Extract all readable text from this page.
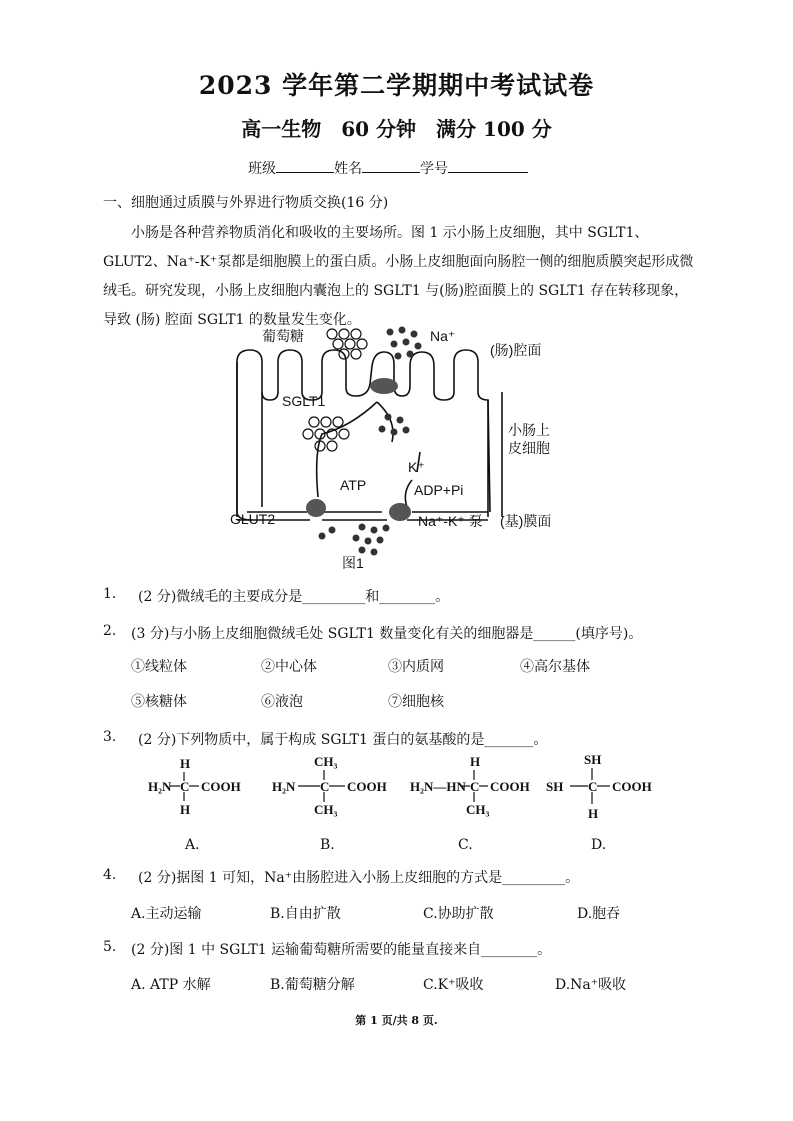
2023 学年第二学期期中考试试卷
高一生物　60 分钟　满分 100 分
班级	姓名	学号
一、细胞通过质膜与外界进行物质交换(16 分)
小肠是各种营养物质消化和吸收的主要场所。图 1 示小肠上皮细胞，其中 SGLT1、GLUT2、Na⁺-K⁺泵都是细胞膜上的蛋白质。小肠上皮细胞面向肠腔一侧的细胞质膜突起形成微绒毛。研究发现，小肠上皮细胞内囊泡上的 SGLT1 与(肠)腔面膜上的 SGLT1 存在转移现象，导致 (肠) 腔面 SGLT1 的数量发生变化。
葡萄糖	Na⁺
(肠)腔面
SGLT1
小肠上
皮细胞
K⁺
ATP	ADP+Pi
GLUT2	Na⁺-K⁺ 泵 (基)膜面
图1
1. (2 分)微绒毛的主要成分是_________和________。
2. (3 分)与小肠上皮细胞微绒毛处 SGLT1 数量变化有关的细胞器是______(填序号)。
①线粒体	②中心体	③内质网	④高尔基体
⑤核糖体	⑥液泡	⑦细胞核
3. (2 分)下列物质中，属于构成 SGLT1 蛋白的氨基酸的是_______。
H
H₂N C COOH
H
CH₃
H₂N C COOH
CH₃
H
H₂N—HN C COOH
CH₃
SH
SH C COOH
H
A.	B.	C.	D.
4. (2 分)据图 1 可知，Na⁺由肠腔进入小肠上皮细胞的方式是_________。
A.主动运输	B.自由扩散	C.协助扩散	D.胞吞
5. (2 分)图 1 中 SGLT1 运输葡萄糖所需要的能量直接来自________。
A. ATP 水解	B.葡萄糖分解	C.K⁺吸收	D.Na⁺吸收
第 1 页/共 8 页.
